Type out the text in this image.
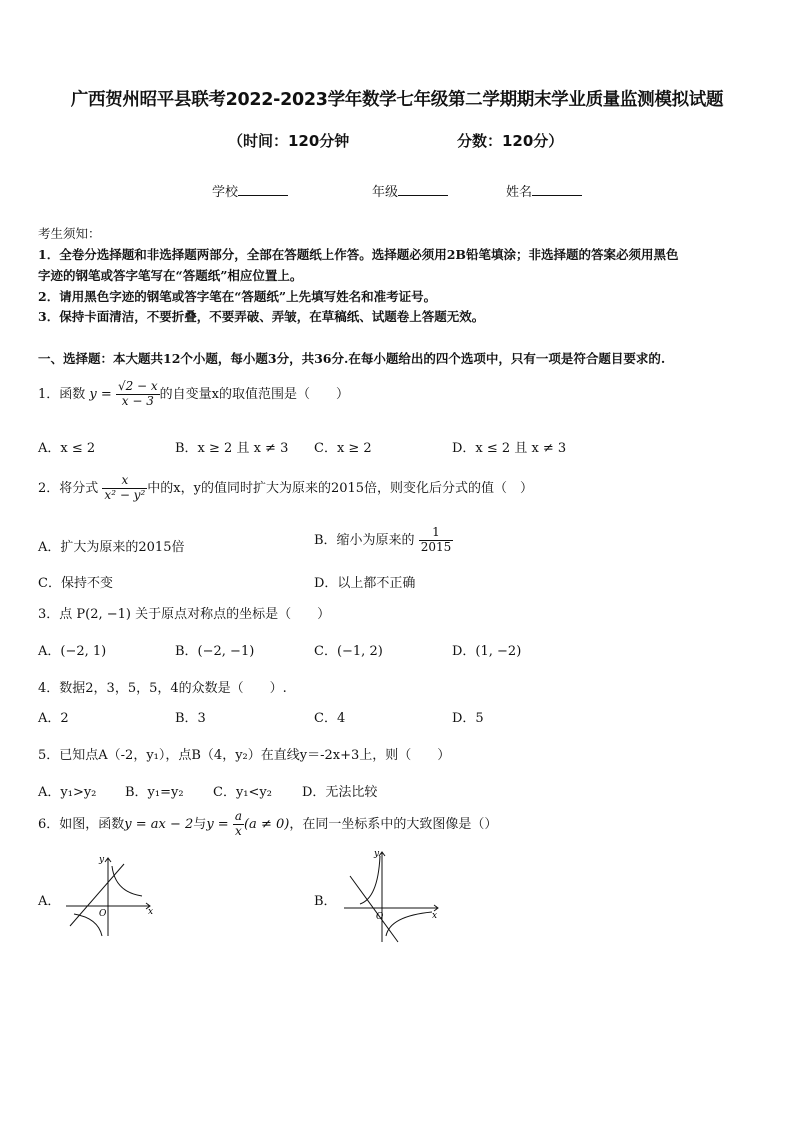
广西贺州昭平县联考2022-2023学年数学七年级第二学期期末学业质量监测模拟试题
（时间：120分钟	分数：120分）
学校	年级	姓名
考生须知：
1．全卷分选择题和非选择题两部分，全部在答题纸上作答。选择题必须用2B铅笔填涂；非选择题的答案必须用黑色
字迹的钢笔或答字笔写在“答题纸”相应位置上。
2．请用黑色字迹的钢笔或答字笔在“答题纸”上先填写姓名和准考证号。
3．保持卡面清洁，不要折叠，不要弄破、弄皱，在草稿纸、试题卷上答题无效。
一、选择题：本大题共12个小题，每小题3分，共36分.在每小题给出的四个选项中，只有一项是符合题目要求的.
1．函数 $y = \frac{√2 - x}{x - 3}$ 的自变量x的取值范围是（　　）
A．x ≤ 2	B．x ≥ 2 且 x ≠ 3 C．x ≥ 2	D．x ≤ 2 且 x ≠ 3
2．将分式 $\frac{x}{\text{x² − y²}}$ 中的x，y的值同时扩大为原来的2015倍，则变化后分式的值（　）
A．扩大为原来的2015倍	B．缩小为原来的 $\frac{1}{2015}$
C．保持不变	D．以上都不正确
3．点 P(2, −1) 关于原点对称点的坐标是（　　）
A．(−2, 1)	B．(−2, −1)	C．(−1, 2)	D．(1, −2)
4．数据2，3，5，5，4的众数是（　　）.
A．2	B．3	C．4	D．5
5．已知点A（-2，y₁），点B（4，y₂）在直线y＝-2x+3上，则（　　）
A．y₁>y₂ B．y₁=y₂ C．y₁<y₂ D．无法比较
6．如图，函数y = ax − 2与$y = \frac{a}{x} (a \ne 0)$，在同一坐标系中的大致图像是（）
A．
x
y
O
B．
x
y
O
